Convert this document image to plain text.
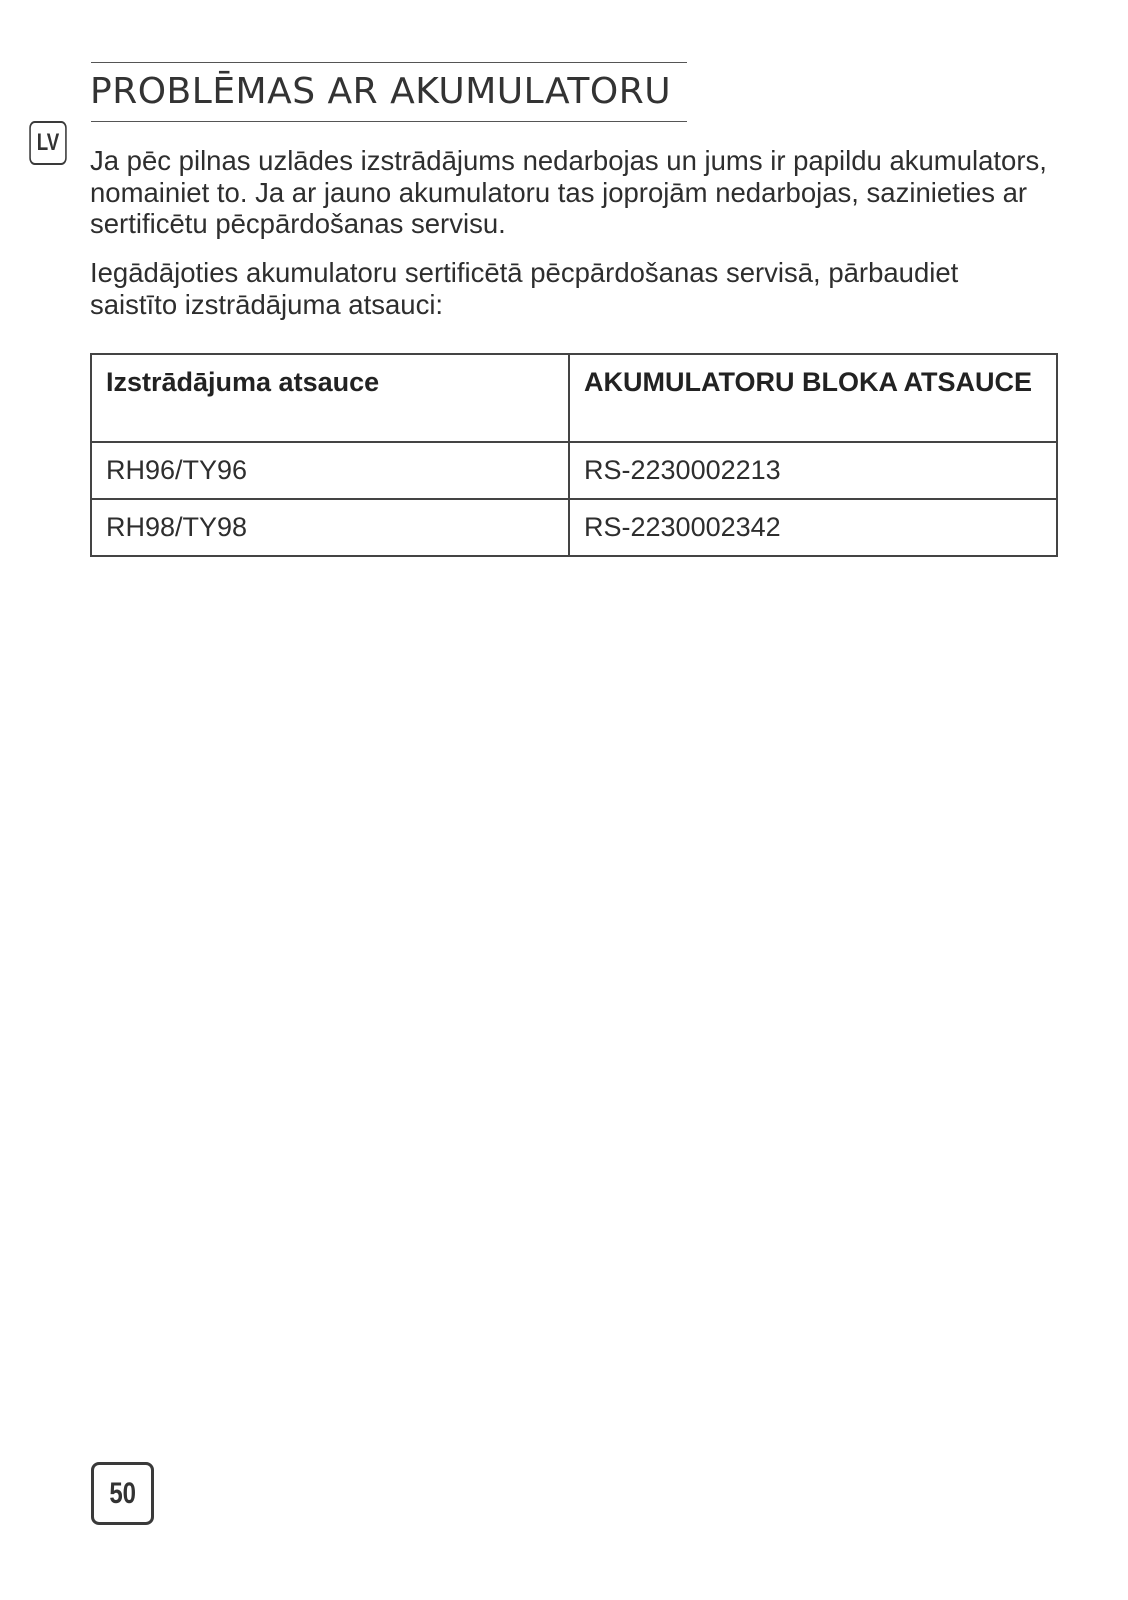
PROBLĒMAS AR AKUMULATORU
LV

Ja pēc pilnas uzlādes izstrādājums nedarbojas un jums ir papildu akumulators, nomainiet to. Ja ar jauno akumulatoru tas joprojām nedarbojas, sazinieties ar sertificētu pēcpārdošanas servisu.

Iegādājoties akumulatoru sertificētā pēcpārdošanas servisā, pārbaudiet saistīto izstrādājuma atsauci:

Izstrādājuma atsauce	AKUMULATORU BLOKA ATSAUCE
RH96/TY96	RS-2230002213
RH98/TY98	RS-2230002342
50
